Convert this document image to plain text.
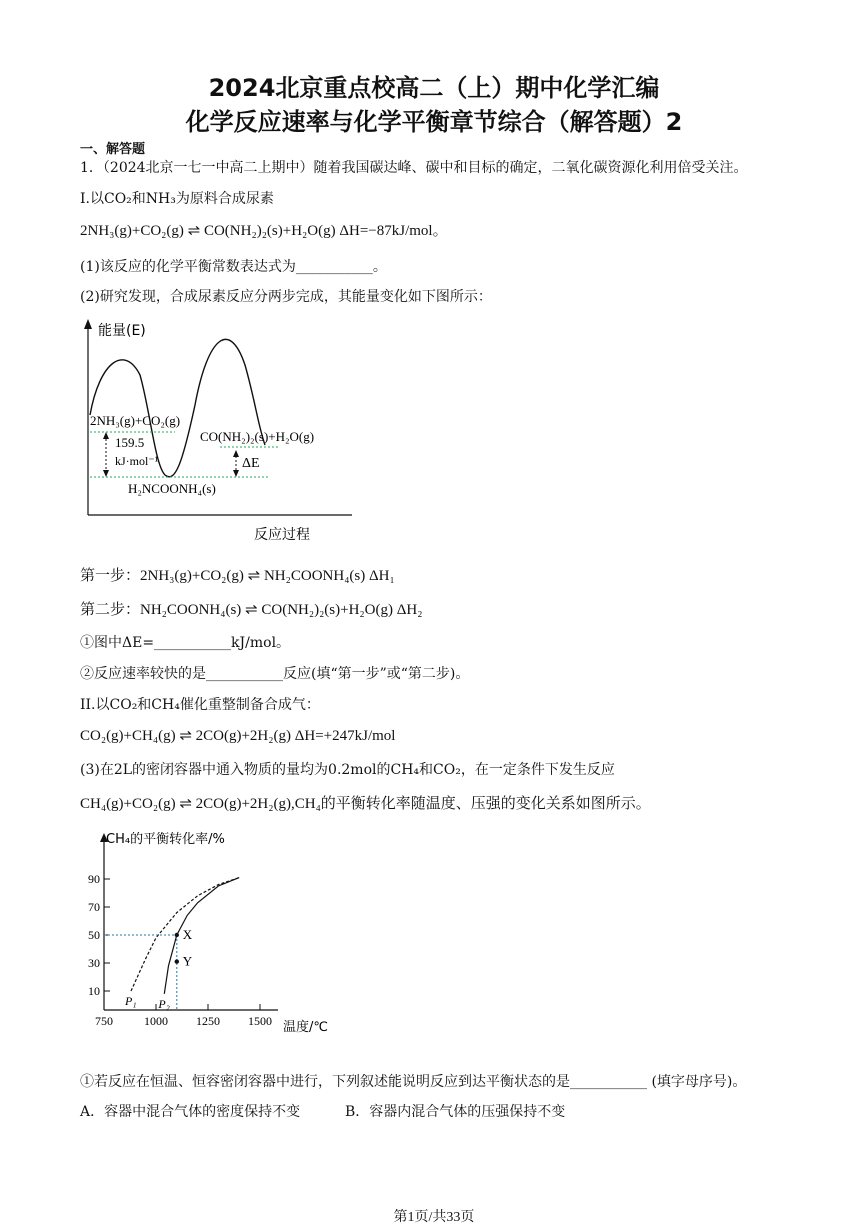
2024北京重点校高二（上）期中化学汇编
化学反应速率与化学平衡章节综合（解答题）2
一、解答题
1．（2024北京一七一中高二上期中）随着我国碳达峰、碳中和目标的确定，二氧化碳资源化利用倍受关注。
I.以CO₂和NH₃为原料合成尿素
2NH₃(g)+CO₂(g) ⇌ CO(NH₂)₂(s)+H₂O(g) ΔH=−87kJ/mol。
(1)该反应的化学平衡常数表达式为___________。
(2)研究发现，合成尿素反应分两步完成，其能量变化如下图所示：
能量(E)
2NH₃(g)+CO₂(g)
159.5
kJ·mol⁻¹
CO(NH₂)₂(s)+H₂O(g)
ΔE
H₂NCOONH₄(s)
反应过程
第一步：2NH₃(g)+CO₂(g) ⇌ NH₂COONH₄(s) ΔH₁
第二步：NH₂COONH₄(s) ⇌ CO(NH₂)₂(s)+H₂O(g) ΔH₂
①图中ΔE=___________kJ/mol。
②反应速率较快的是___________反应(填“第一步”或“第二步)。
II.以CO₂和CH₄催化重整制备合成气：
CO₂(g)+CH₄(g) ⇌ 2CO(g)+2H₂(g) ΔH=+247kJ/mol
(3)在2L的密闭容器中通入物质的量均为0.2mol的CH₄和CO₂，在一定条件下发生反应
CH₄(g)+CO₂(g) ⇌ 2CO(g)+2H₂(g),CH₄的平衡转化率随温度、压强的变化关系如图所示。
CH₄的平衡转化率/%
温度/℃
750	1000 1250 1500
10
30
50
70
90
P₁ P₂
X
Y
①若反应在恒温、恒容密闭容器中进行，下列叙述能说明反应到达平衡状态的是___________ (填字母序号)。
A．容器中混合气体的密度保持不变	B．容器内混合气体的压强保持不变
第1页/共33页
